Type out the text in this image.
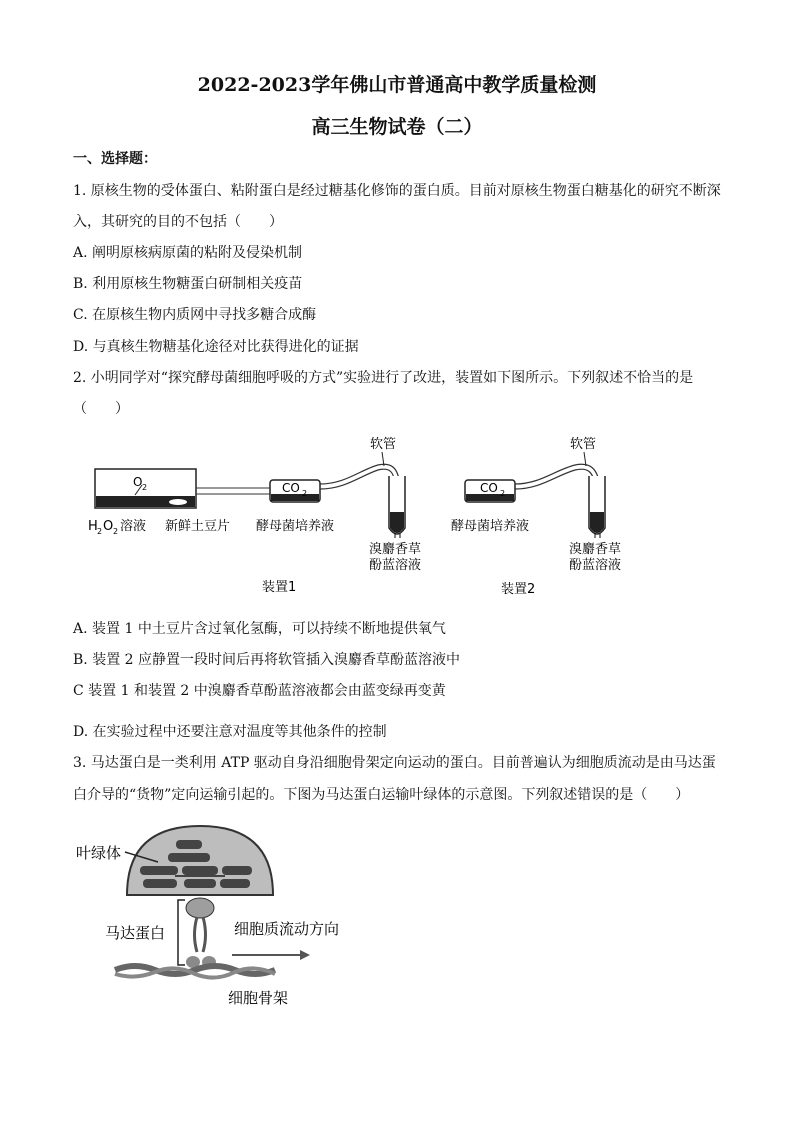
2022-2023学年佛山市普通高中教学质量检测
高三生物试卷（二）
一、选择题：
1. 原核生物的受体蛋白、粘附蛋白是经过糖基化修饰的蛋白质。目前对原核生物蛋白糖基化的研究不断深
入，其研究的目的不包括（　　）
A. 阐明原核病原菌的粘附及侵染机制
B. 利用原核生物糖蛋白研制相关疫苗
C. 在原核生物内质网中寻找多糖合成酶
D. 与真核生物糖基化途径对比获得进化的证据
2. 小明同学对“探究酵母菌细胞呼吸的方式”实验进行了改进，装置如下图所示。下列叙述不恰当的是
（　　）
O 2	CO 2	CO 2
软管	软管
H 2 O 2 溶液 新鲜土豆片 酵母菌培养液	酵母菌培养液
溴麝香草
酚蓝溶液
溴麝香草
酚蓝溶液
装置1	装置2
A. 装置 1 中土豆片含过氧化氢酶，可以持续不断地提供氧气
B. 装置 2 应静置一段时间后再将软管插入溴麝香草酚蓝溶液中
C 装置 1 和装置 2 中溴麝香草酚蓝溶液都会由蓝变绿再变黄
D. 在实验过程中还要注意对温度等其他条件的控制
3. 马达蛋白是一类利用 ATP 驱动自身沿细胞骨架定向运动的蛋白。目前普遍认为细胞质流动是由马达蛋
白介导的“货物”定向运输引起的。下图为马达蛋白运输叶绿体的示意图。下列叙述错误的是（　　）
叶绿体
马达蛋白	细胞质流动方向
细胞骨架
